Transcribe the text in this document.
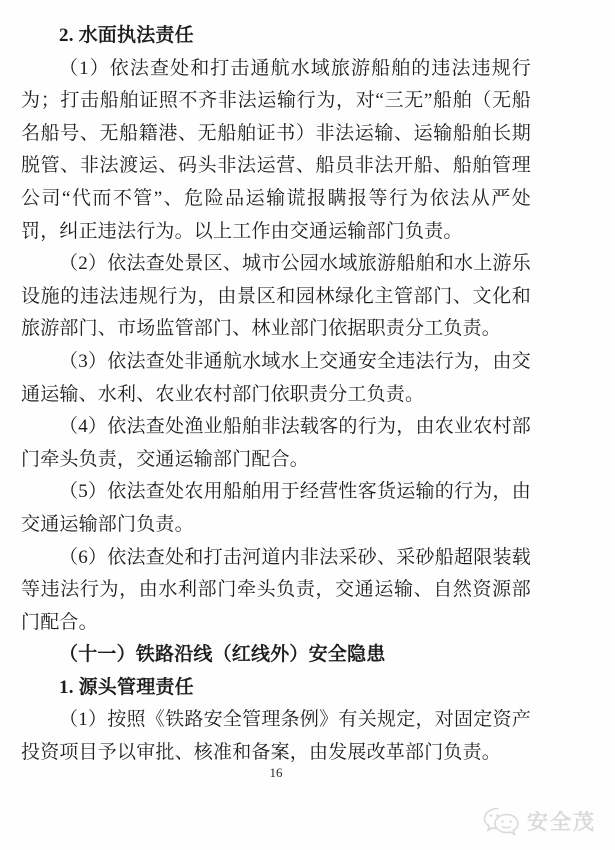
2. 水面执法责任

（1）依法查处和打击通航水域旅游船舶的违法违规行为；打击船舶证照不齐非法运输行为，对“三无”船舶（无船名船号、无船籍港、无船舶证书）非法运输、运输船舶长期脱管、非法渡运、码头非法运营、船员非法开船、船舶管理公司“代而不管”、危险品运输谎报瞒报等行为依法从严处罚，纠正违法行为。以上工作由交通运输部门负责。

（2）依法查处景区、城市公园水域旅游船舶和水上游乐设施的违法违规行为，由景区和园林绿化主管部门、文化和旅游部门、市场监管部门、林业部门依据职责分工负责。

（3）依法查处非通航水域水上交通安全违法行为，由交通运输、水利、农业农村部门依职责分工负责。

（4）依法查处渔业船舶非法载客的行为，由农业农村部门牵头负责，交通运输部门配合。

（5）依法查处农用船舶用于经营性客货运输的行为，由交通运输部门负责。

（6）依法查处和打击河道内非法采砂、采砂船超限装载等违法行为，由水利部门牵头负责，交通运输、自然资源部门配合。

（十一）铁路沿线（红线外）安全隐患

1. 源头管理责任

（1）按照《铁路安全管理条例》有关规定，对固定资产投资项目予以审批、核准和备案，由发展改革部门负责。

16
安全茂
